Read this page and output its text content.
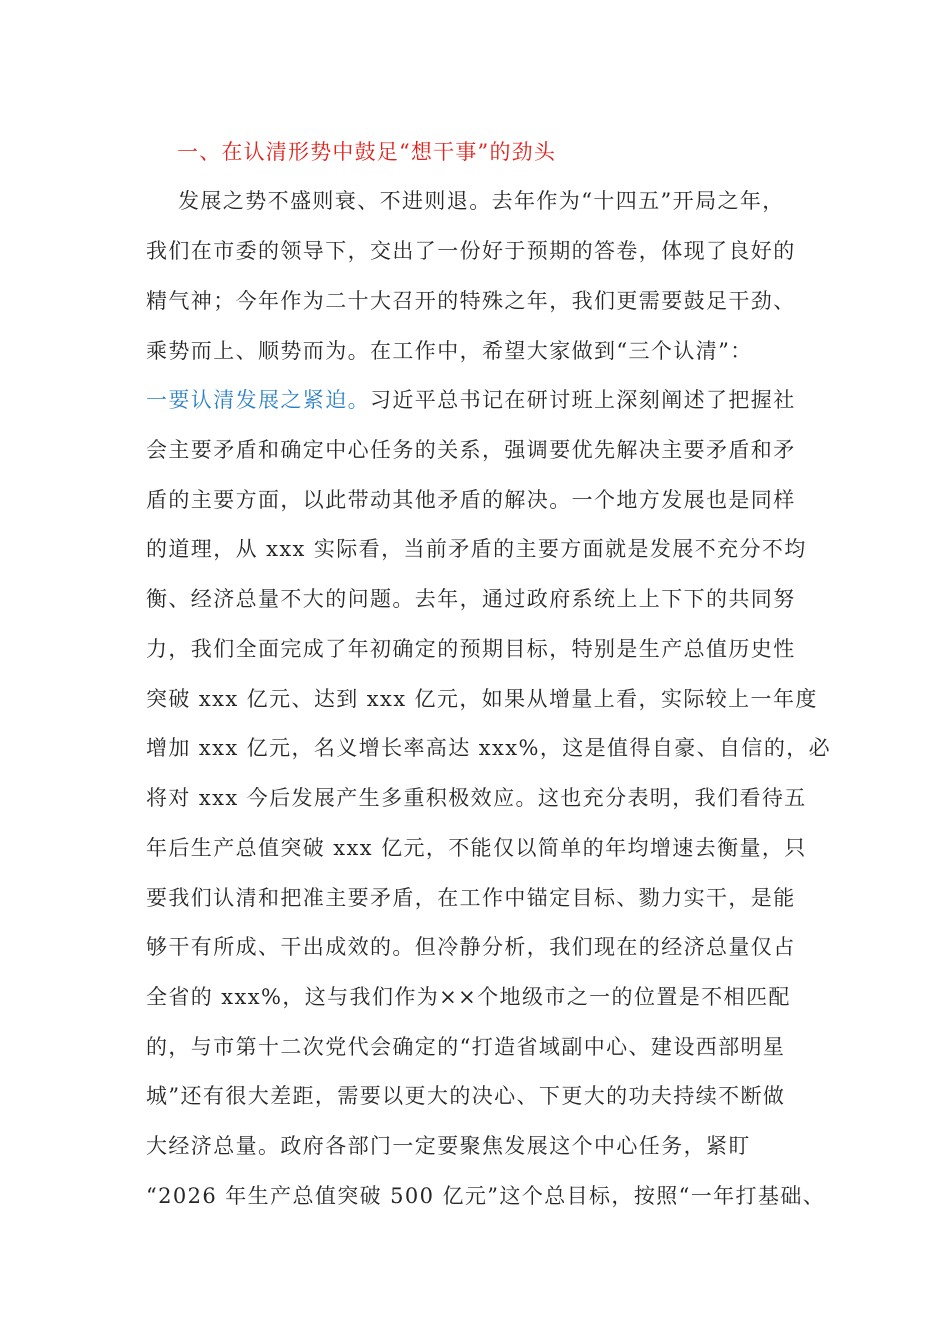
一、在认清形势中鼓足“想干事”的劲头
发展之势不盛则衰、不进则退。去年作为“十四五”开局之年，
我们在市委的领导下，交出了一份好于预期的答卷，体现了良好的
精气神；今年作为二十大召开的特殊之年，我们更需要鼓足干劲、
乘势而上、顺势而为。在工作中，希望大家做到“三个认清”：
一要认清发展之紧迫。习近平总书记在研讨班上深刻阐述了把握社
会主要矛盾和确定中心任务的关系，强调要优先解决主要矛盾和矛
盾的主要方面，以此带动其他矛盾的解决。一个地方发展也是同样
的道理，从 xxx 实际看，当前矛盾的主要方面就是发展不充分不均
衡、经济总量不大的问题。去年，通过政府系统上上下下的共同努
力，我们全面完成了年初确定的预期目标，特别是生产总值历史性
突破 xxx 亿元、达到 xxx 亿元，如果从增量上看，实际较上一年度
增加 xxx 亿元，名义增长率高达 xxx%，这是值得自豪、自信的，必
将对 xxx 今后发展产生多重积极效应。这也充分表明，我们看待五
年后生产总值突破 xxx 亿元，不能仅以简单的年均增速去衡量，只
要我们认清和把准主要矛盾，在工作中锚定目标、勠力实干，是能
够干有所成、干出成效的。但冷静分析，我们现在的经济总量仅占
全省的 xxx%，这与我们作为××个地级市之一的位置是不相匹配
的，与市第十二次党代会确定的“打造省域副中心、建设西部明星
城”还有很大差距，需要以更大的决心、下更大的功夫持续不断做
大经济总量。政府各部门一定要聚焦发展这个中心任务，紧盯
“2026 年生产总值突破 500 亿元”这个总目标，按照“一年打基础、
